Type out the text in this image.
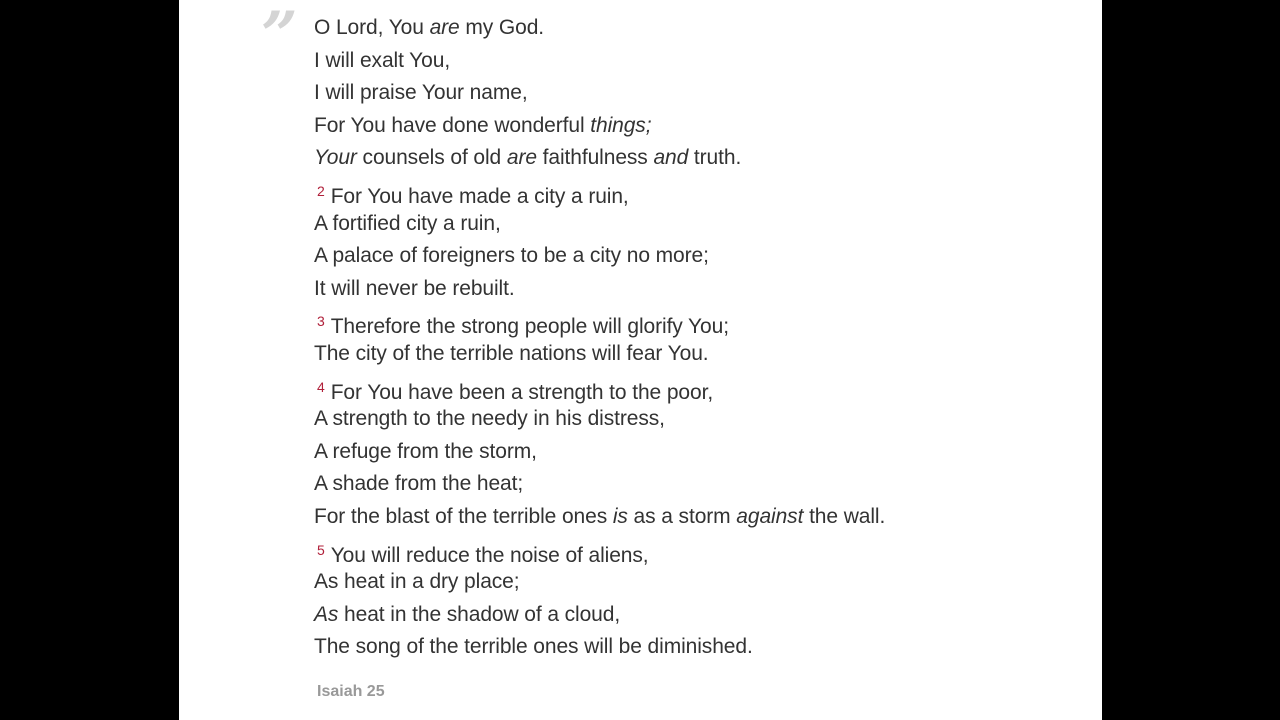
” O Lord, You are my God.
I will exalt You,
I will praise Your name,
For You have done wonderful things;
Your counsels of old are faithfulness and truth.
$^2$ For You have made a city a ruin,
A fortified city a ruin,
A palace of foreigners to be a city no more;
It will never be rebuilt.
$^3$ Therefore the strong people will glorify You;
The city of the terrible nations will fear You.
$^4$ For You have been a strength to the poor,
A strength to the needy in his distress,
A refuge from the storm,
A shade from the heat;
For the blast of the terrible ones is as a storm against the wall.
$^5$ You will reduce the noise of aliens,
As heat in a dry place;
As heat in the shadow of a cloud,
The song of the terrible ones will be diminished.
Isaiah 25
